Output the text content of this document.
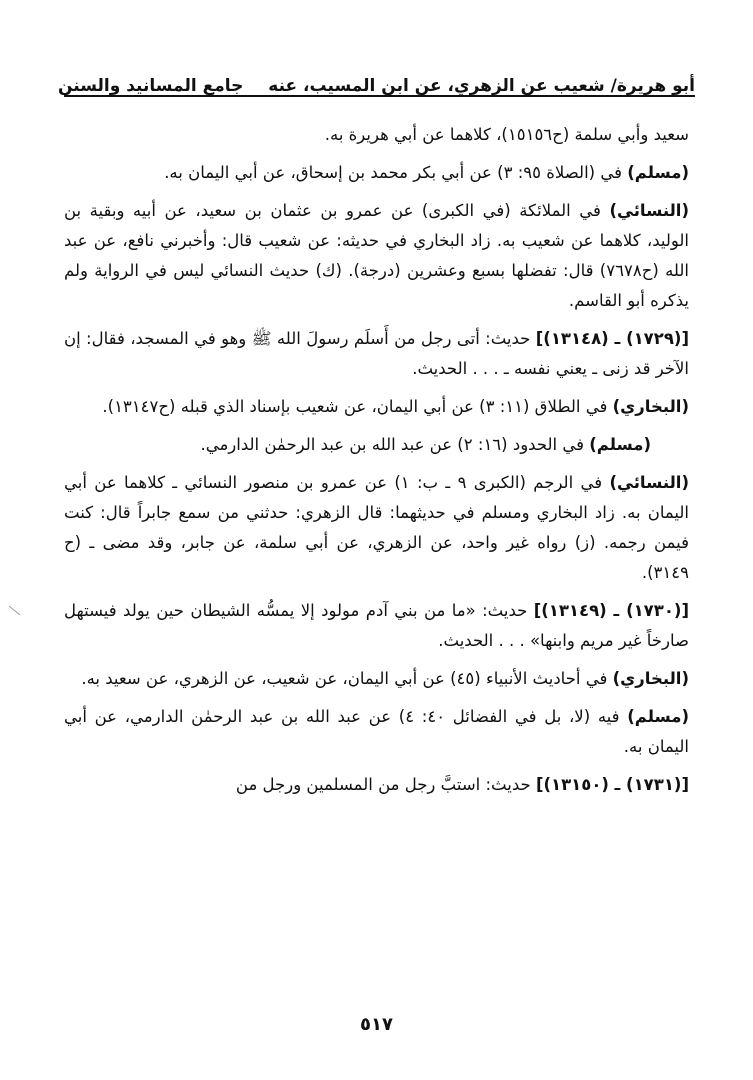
أبو هريرة/ شعيب عن الزهري، عن ابن المسيب، عنه
جامع المسانيد والسنن

سعيد وأبي سلمة (ح١٥١٥٦)، كلاهما عن أبي هريرة به.

(مسلم) في (الصلاة ٩٥: ٣) عن أبي بكر محمد بن إسحاق، عن أبي اليمان به.

(النسائي) في الملائكة (في الكبرى) عن عمرو بن عثمان بن سعيد، عن أبيه وبقية بن الوليد، كلاهما عن شعيب به. زاد البخاري في حديثه: عن شعيب قال: وأخبرني نافع، عن عبد الله (ح٧٦٧٨) قال: تفضلها بسبع وعشرين (درجة). (ك) حديث النسائي ليس في الرواية ولم يذكره أبو القاسم.

[(١٧٢٩) ـ (١٣١٤٨)] حديث: أتى رجل من أَسلَم رسولَ الله ﷺ وهو في المسجد، فقال: إن الآخر قد زنى ـ يعني نفسه ـ . . . الحديث.

(البخاري) في الطلاق (١١: ٣) عن أبي اليمان، عن شعيب بإسناد الذي قبله (ح١٣١٤٧).

(مسلم) في الحدود (١٦: ٢) عن عبد الله بن عبد الرحمٰن الدارمي.

(النسائي) في الرجم (الكبرى ٩ ـ ب: ١) عن عمرو بن منصور النسائي ـ كلاهما عن أبي اليمان به. زاد البخاري ومسلم في حديثهما: قال الزهري: حدثني من سمع جابراً قال: كنت فيمن رجمه. (ز) رواه غير واحد، عن الزهري، عن أبي سلمة، عن جابر، وقد مضى ـ (ح ٣١٤٩).

[(١٧٣٠) ـ (١٣١٤٩)] حديث: «ما من بني آدم مولود إلا يمسُّه الشيطان حين يولد فيستهل صارخاً غير مريم وابنها» . . . الحديث.

(البخاري) في أحاديث الأنبياء (٤٥) عن أبي اليمان، عن شعيب، عن الزهري، عن سعيد به.

(مسلم) فيه (لا، بل في الفضائل ٤٠: ٤) عن عبد الله بن عبد الرحمٰن الدارمي، عن أبي اليمان به.

[(١٧٣١) ـ (١٣١٥٠)] حديث: استبَّ رجل من المسلمين ورجل من

٥١٧
